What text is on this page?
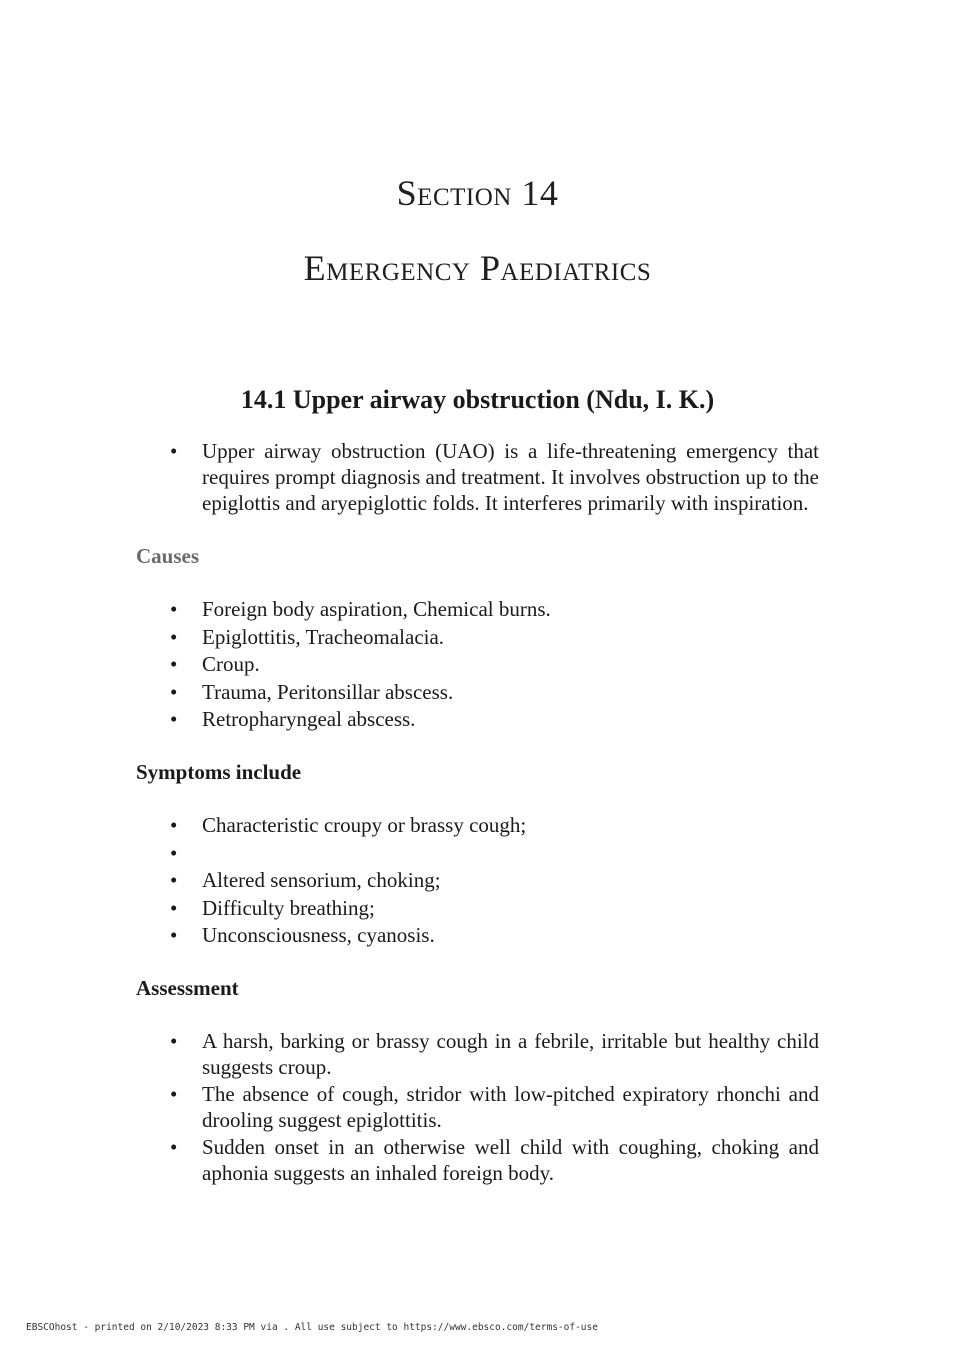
Section 14
Emergency Paediatrics
14.1 Upper airway obstruction (Ndu, I. K.)
• Upper airway obstruction (UAO) is a life-threatening emergency that requires prompt diagnosis and treatment. It involves obstruction up to the epiglottis and aryepiglottic folds. It interferes primarily with inspiration.

Causes

• Foreign body aspiration, Chemical burns.
• Epiglottitis, Tracheomalacia.
• Croup.
• Trauma, Peritonsillar abscess.
• Retropharyngeal abscess.

Symptoms include

• Characteristic croupy or brassy cough;
•
• Altered sensorium, choking;
• Difficulty breathing;
• Unconsciousness, cyanosis.

Assessment

• A harsh, barking or brassy cough in a febrile, irritable but healthy child suggests croup.
• The absence of cough, stridor with low-pitched expiratory rhonchi and drooling suggest epiglottitis.
• Sudden onset in an otherwise well child with coughing, choking and aphonia suggests an inhaled foreign body.
EBSCOhost - printed on 2/10/2023 8:33 PM via . All use subject to https://www.ebsco.com/terms-of-use
